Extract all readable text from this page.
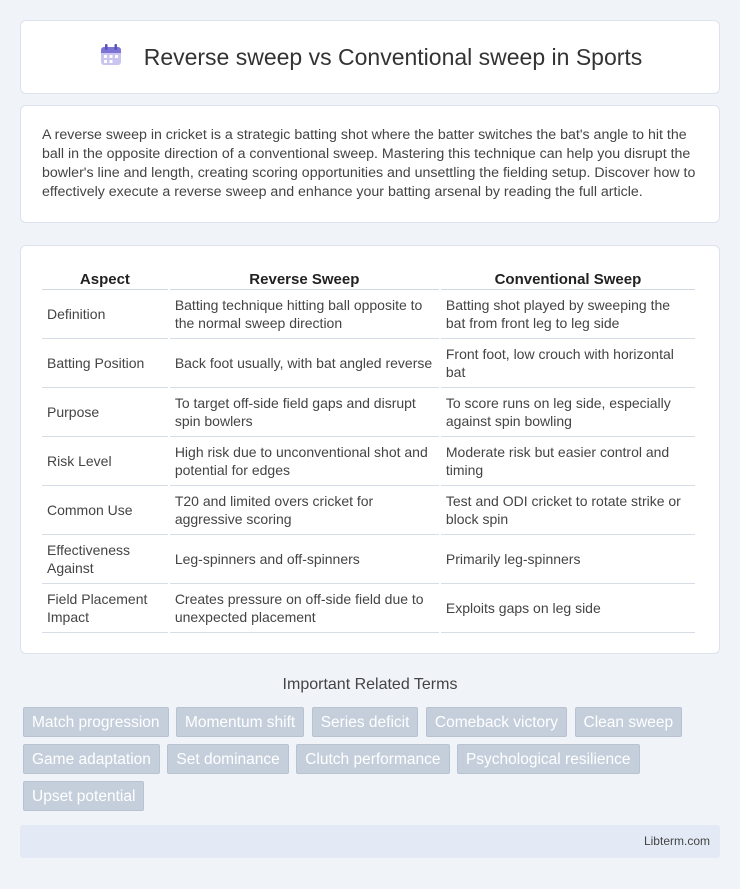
Reverse sweep vs Conventional sweep in Sports

A reverse sweep in cricket is a strategic batting shot where the batter switches the bat's angle to hit the ball in the opposite direction of a conventional sweep. Mastering this technique can help you disrupt the bowler's line and length, creating scoring opportunities and unsettling the fielding setup. Discover how to effectively execute a reverse sweep and enhance your batting arsenal by reading the full article.

Aspect	Reverse Sweep	Conventional Sweep
Definition	Batting technique hitting ball opposite to the normal sweep direction	Batting shot played by sweeping the bat from front leg to leg side
Batting Position	Back foot usually, with bat angled reverse	Front foot, low crouch with horizontal bat
Purpose	To target off-side field gaps and disrupt spin bowlers	To score runs on leg side, especially against spin bowling
Risk Level	High risk due to unconventional shot and potential for edges	Moderate risk but easier control and timing
Common Use	T20 and limited overs cricket for aggressive scoring	Test and ODI cricket to rotate strike or block spin
Effectiveness Against	Leg-spinners and off-spinners	Primarily leg-spinners
Field Placement Impact	Creates pressure on off-side field due to unexpected placement	Exploits gaps on leg side
Important Related Terms
Match progression Momentum shift Series deficit Comeback victory Clean sweep Game adaptation Set dominance Clutch performance Psychological resilience Upset potential
Libterm.com
